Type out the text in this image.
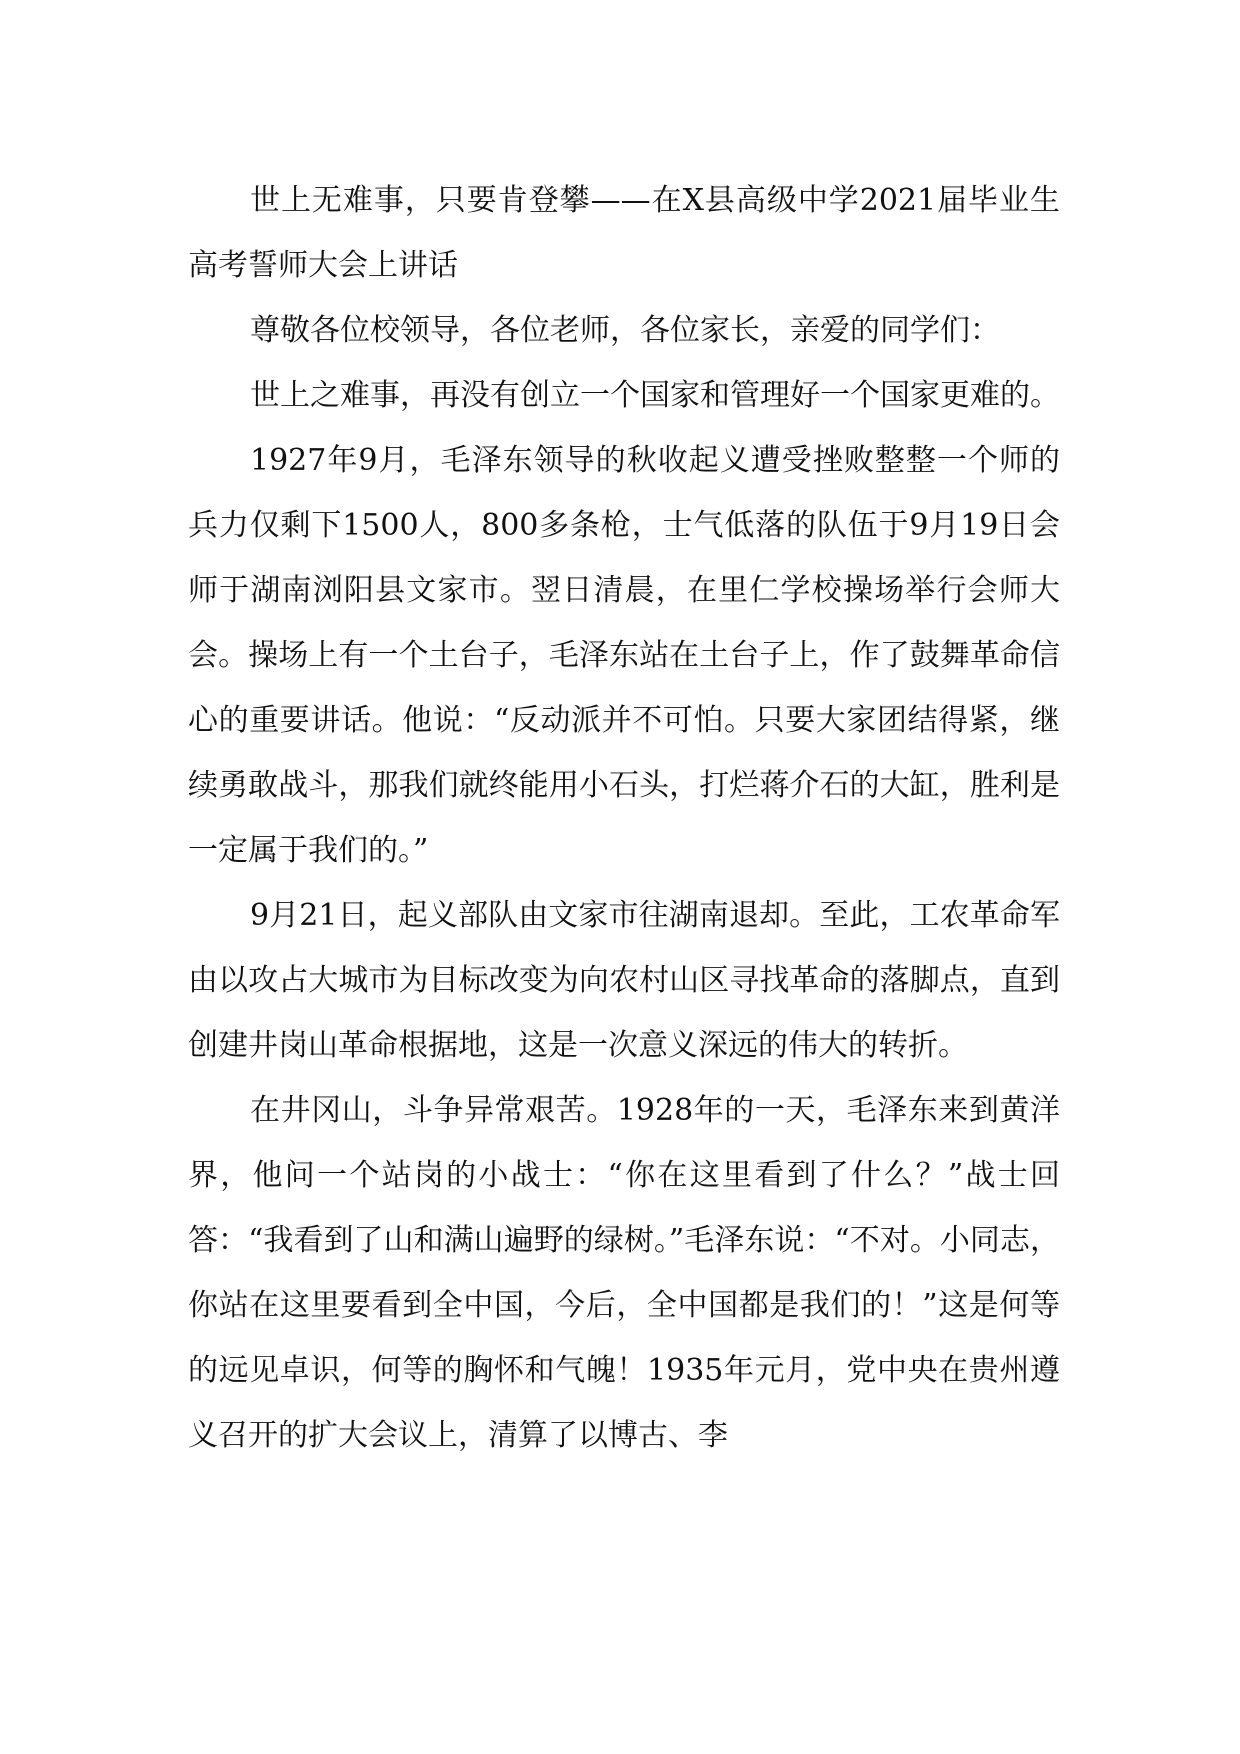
世上无难事，只要肯登攀——在X县高级中学2021届毕业生高考誓师大会上讲话

尊敬各位校领导，各位老师，各位家长，亲爱的同学们：

世上之难事，再没有创立一个国家和管理好一个国家更难的。

1927年9月，毛泽东领导的秋收起义遭受挫败整整一个师的兵力仅剩下1500人，800多条枪，士气低落的队伍于9月19日会师于湖南浏阳县文家市。翌日清晨，在里仁学校操场举行会师大会。操场上有一个土台子，毛泽东站在土台子上，作了鼓舞革命信心的重要讲话。他说：“反动派并不可怕。只要大家团结得紧，继续勇敢战斗，那我们就终能用小石头，打烂蒋介石的大缸，胜利是一定属于我们的。”

9月21日，起义部队由文家市往湖南退却。至此，工农革命军由以攻占大城市为目标改变为向农村山区寻找革命的落脚点，直到创建井岗山革命根据地，这是一次意义深远的伟大的转折。

在井冈山，斗争异常艰苦。1928年的一天，毛泽东来到黄洋界，他问一个站岗的小战士：“你在这里看到了什么？”战士回答：“我看到了山和满山遍野的绿树。”毛泽东说：“不对。小同志，你站在这里要看到全中国，今后，全中国都是我们的！”这是何等的远见卓识，何等的胸怀和气魄！1935年元月，党中央在贵州遵义召开的扩大会议上，清算了以博古、李
